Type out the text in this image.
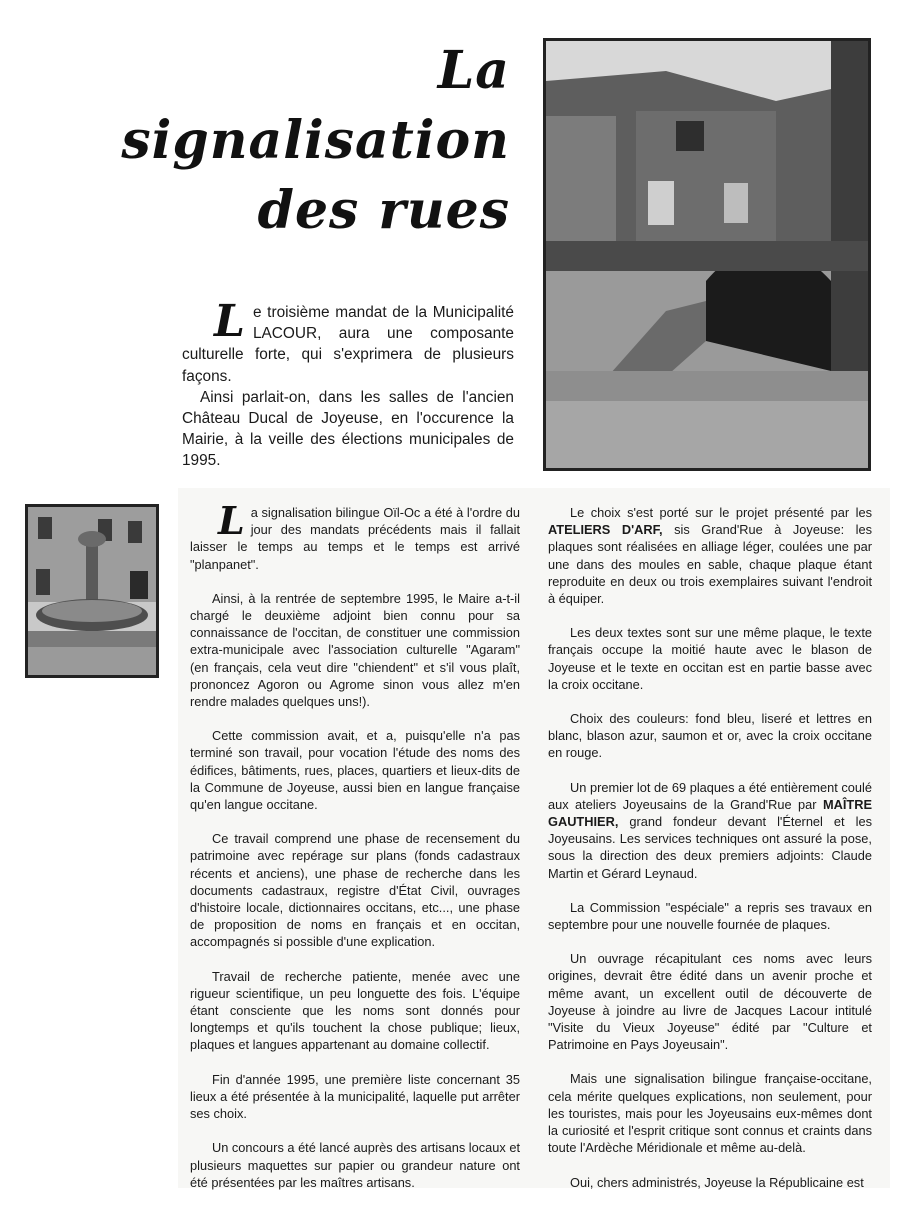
La
signalisation
des rues

L e troisième mandat de la Municipalité LACOUR, aura une composante culturelle forte, qui s'exprimera de plusieurs façons.

Ainsi parlait-on, dans les salles de l'ancien Château Ducal de Joyeuse, en l'occurence la Mairie, à la veille des élections municipales de 1995.

L a signalisation bilingue Oïl-Oc a été à l'ordre du jour des mandats précédents mais il fallait laisser le temps au temps et le temps est arrivé "planpanet".

Ainsi, à la rentrée de septembre 1995, le Maire a-t-il chargé le deuxième adjoint bien connu pour sa connaissance de l'occitan, de constituer une commission extra-municipale avec l'association culturelle "Agaram" (en français, cela veut dire "chiendent" et s'il vous plaît, prononcez Agoron ou Agrome sinon vous allez m'en rendre malades quelques uns!).

Cette commission avait, et a, puisqu'elle n'a pas terminé son travail, pour vocation l'étude des noms des édifices, bâtiments, rues, places, quartiers et lieux-dits de la Commune de Joyeuse, aussi bien en langue française qu'en langue occitane.

Ce travail comprend une phase de recensement du patrimoine avec repérage sur plans (fonds cadastraux récents et anciens), une phase de recherche dans les documents cadastraux, registre d'État Civil, ouvrages d'histoire locale, dictionnaires occitans, etc..., une phase de proposition de noms en français et en occitan, accompagnés si possible d'une explication.

Travail de recherche patiente, menée avec une rigueur scientifique, un peu longuette des fois. L'équipe étant consciente que les noms sont donnés pour longtemps et qu'ils touchent la chose publique; lieux, plaques et langues appartenant au domaine collectif.

Fin d'année 1995, une première liste concernant 35 lieux a été présentée à la municipalité, laquelle put arrêter ses choix.

Un concours a été lancé auprès des artisans locaux et plusieurs maquettes sur papier ou grandeur nature ont été présentées par les maîtres artisans.

Le choix s'est porté sur le projet présenté par les ATELIERS D'ARF, sis Grand'Rue à Joyeuse: les plaques sont réalisées en alliage léger, coulées une par une dans des moules en sable, chaque plaque étant reproduite en deux ou trois exemplaires suivant l'endroit à équiper.

Les deux textes sont sur une même plaque, le texte français occupe la moitié haute avec le blason de Joyeuse et le texte en occitan est en partie basse avec la croix occitane.

Choix des couleurs: fond bleu, liseré et lettres en blanc, blason azur, saumon et or, avec la croix occitane en rouge.

Un premier lot de 69 plaques a été entièrement coulé aux ateliers Joyeusains de la Grand'Rue par MAÎTRE GAUTHIER, grand fondeur devant l'Éternel et les Joyeusains. Les services techniques ont assuré la pose, sous la direction des deux premiers adjoints: Claude Martin et Gérard Leynaud.

La Commission "espéciale" a repris ses travaux en septembre pour une nouvelle fournée de plaques.

Un ouvrage récapitulant ces noms avec leurs origines, devrait être édité dans un avenir proche et même avant, un excellent outil de découverte de Joyeuse à joindre au livre de Jacques Lacour intitulé "Visite du Vieux Joyeuse" édité par "Culture et Patrimoine en Pays Joyeusain".

Mais une signalisation bilingue française-occitane, cela mérite quelques explications, non seulement, pour les touristes, mais pour les Joyeusains eux-mêmes dont la curiosité et l'esprit critique sont connus et craints dans toute l'Ardèche Méridionale et même au-delà.

Oui, chers administrés, Joyeuse la Républicaine est
